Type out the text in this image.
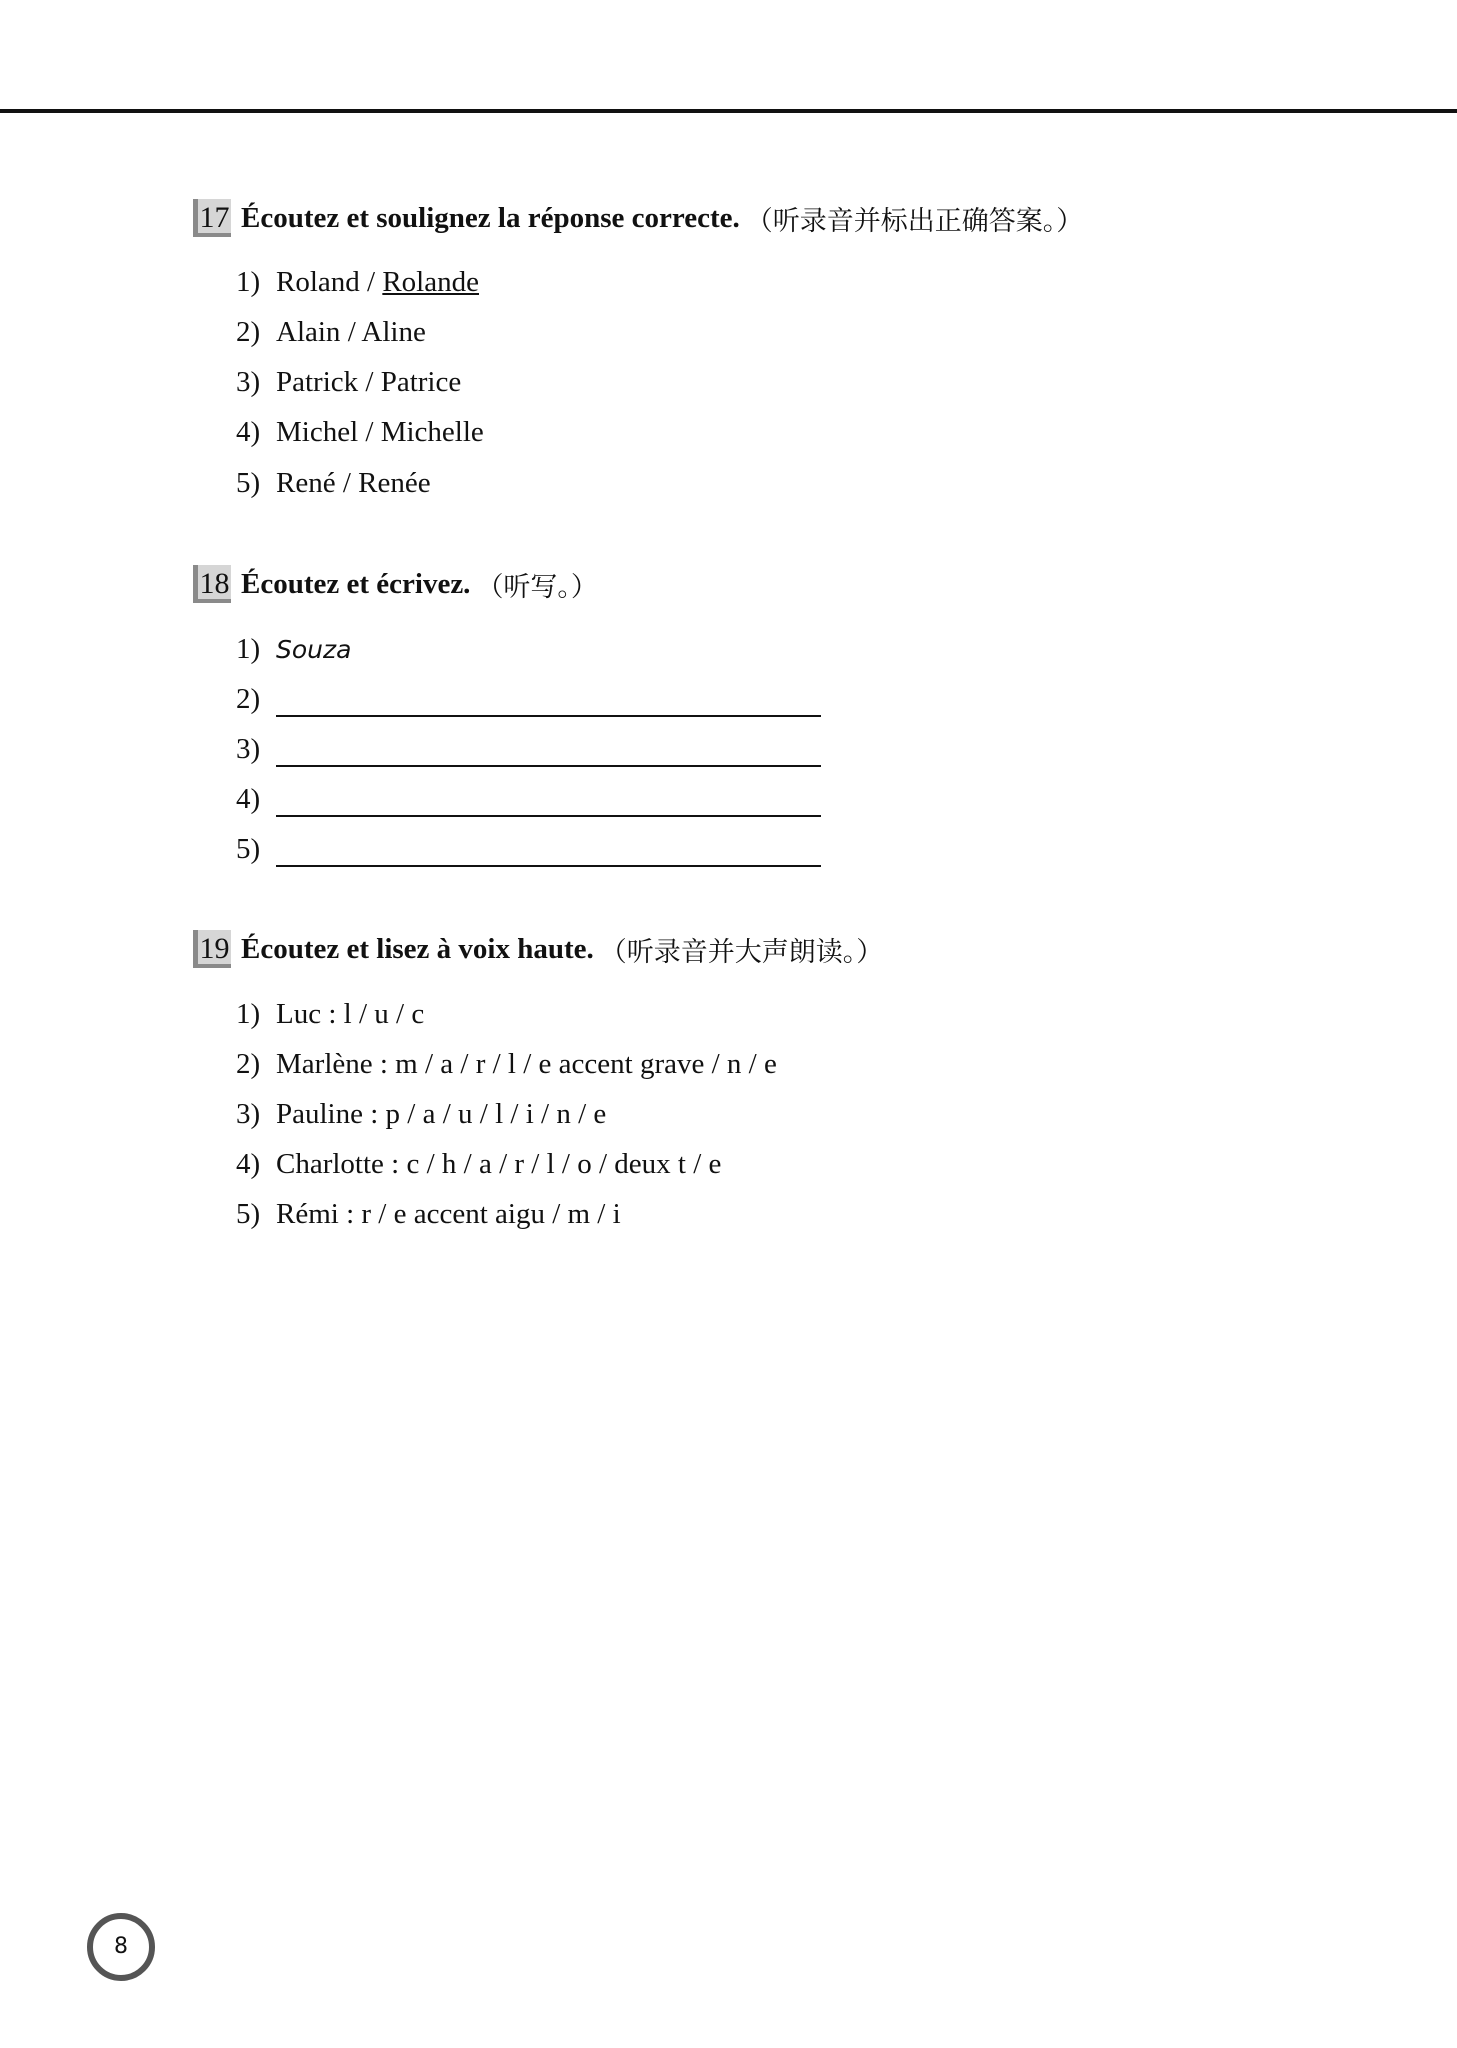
17 Écoutez et soulignez la réponse correcte. （听录音并标出正确答案。）
1) Roland / Rolande
2) Alain / Aline
3) Patrick / Patrice
4) Michel / Michelle
5) René / Renée
18 Écoutez et écrivez. （听写。）
1) Souza
2)
3)
4)
5)
19 Écoutez et lisez à voix haute. （听录音并大声朗读。）
1) Luc : l / u / c
2) Marlène : m / a / r / l / e accent grave / n / e
3) Pauline : p / a / u / l / i / n / e
4) Charlotte : c / h / a / r / l / o / deux t / e
5) Rémi : r / e accent aigu / m / i
8
